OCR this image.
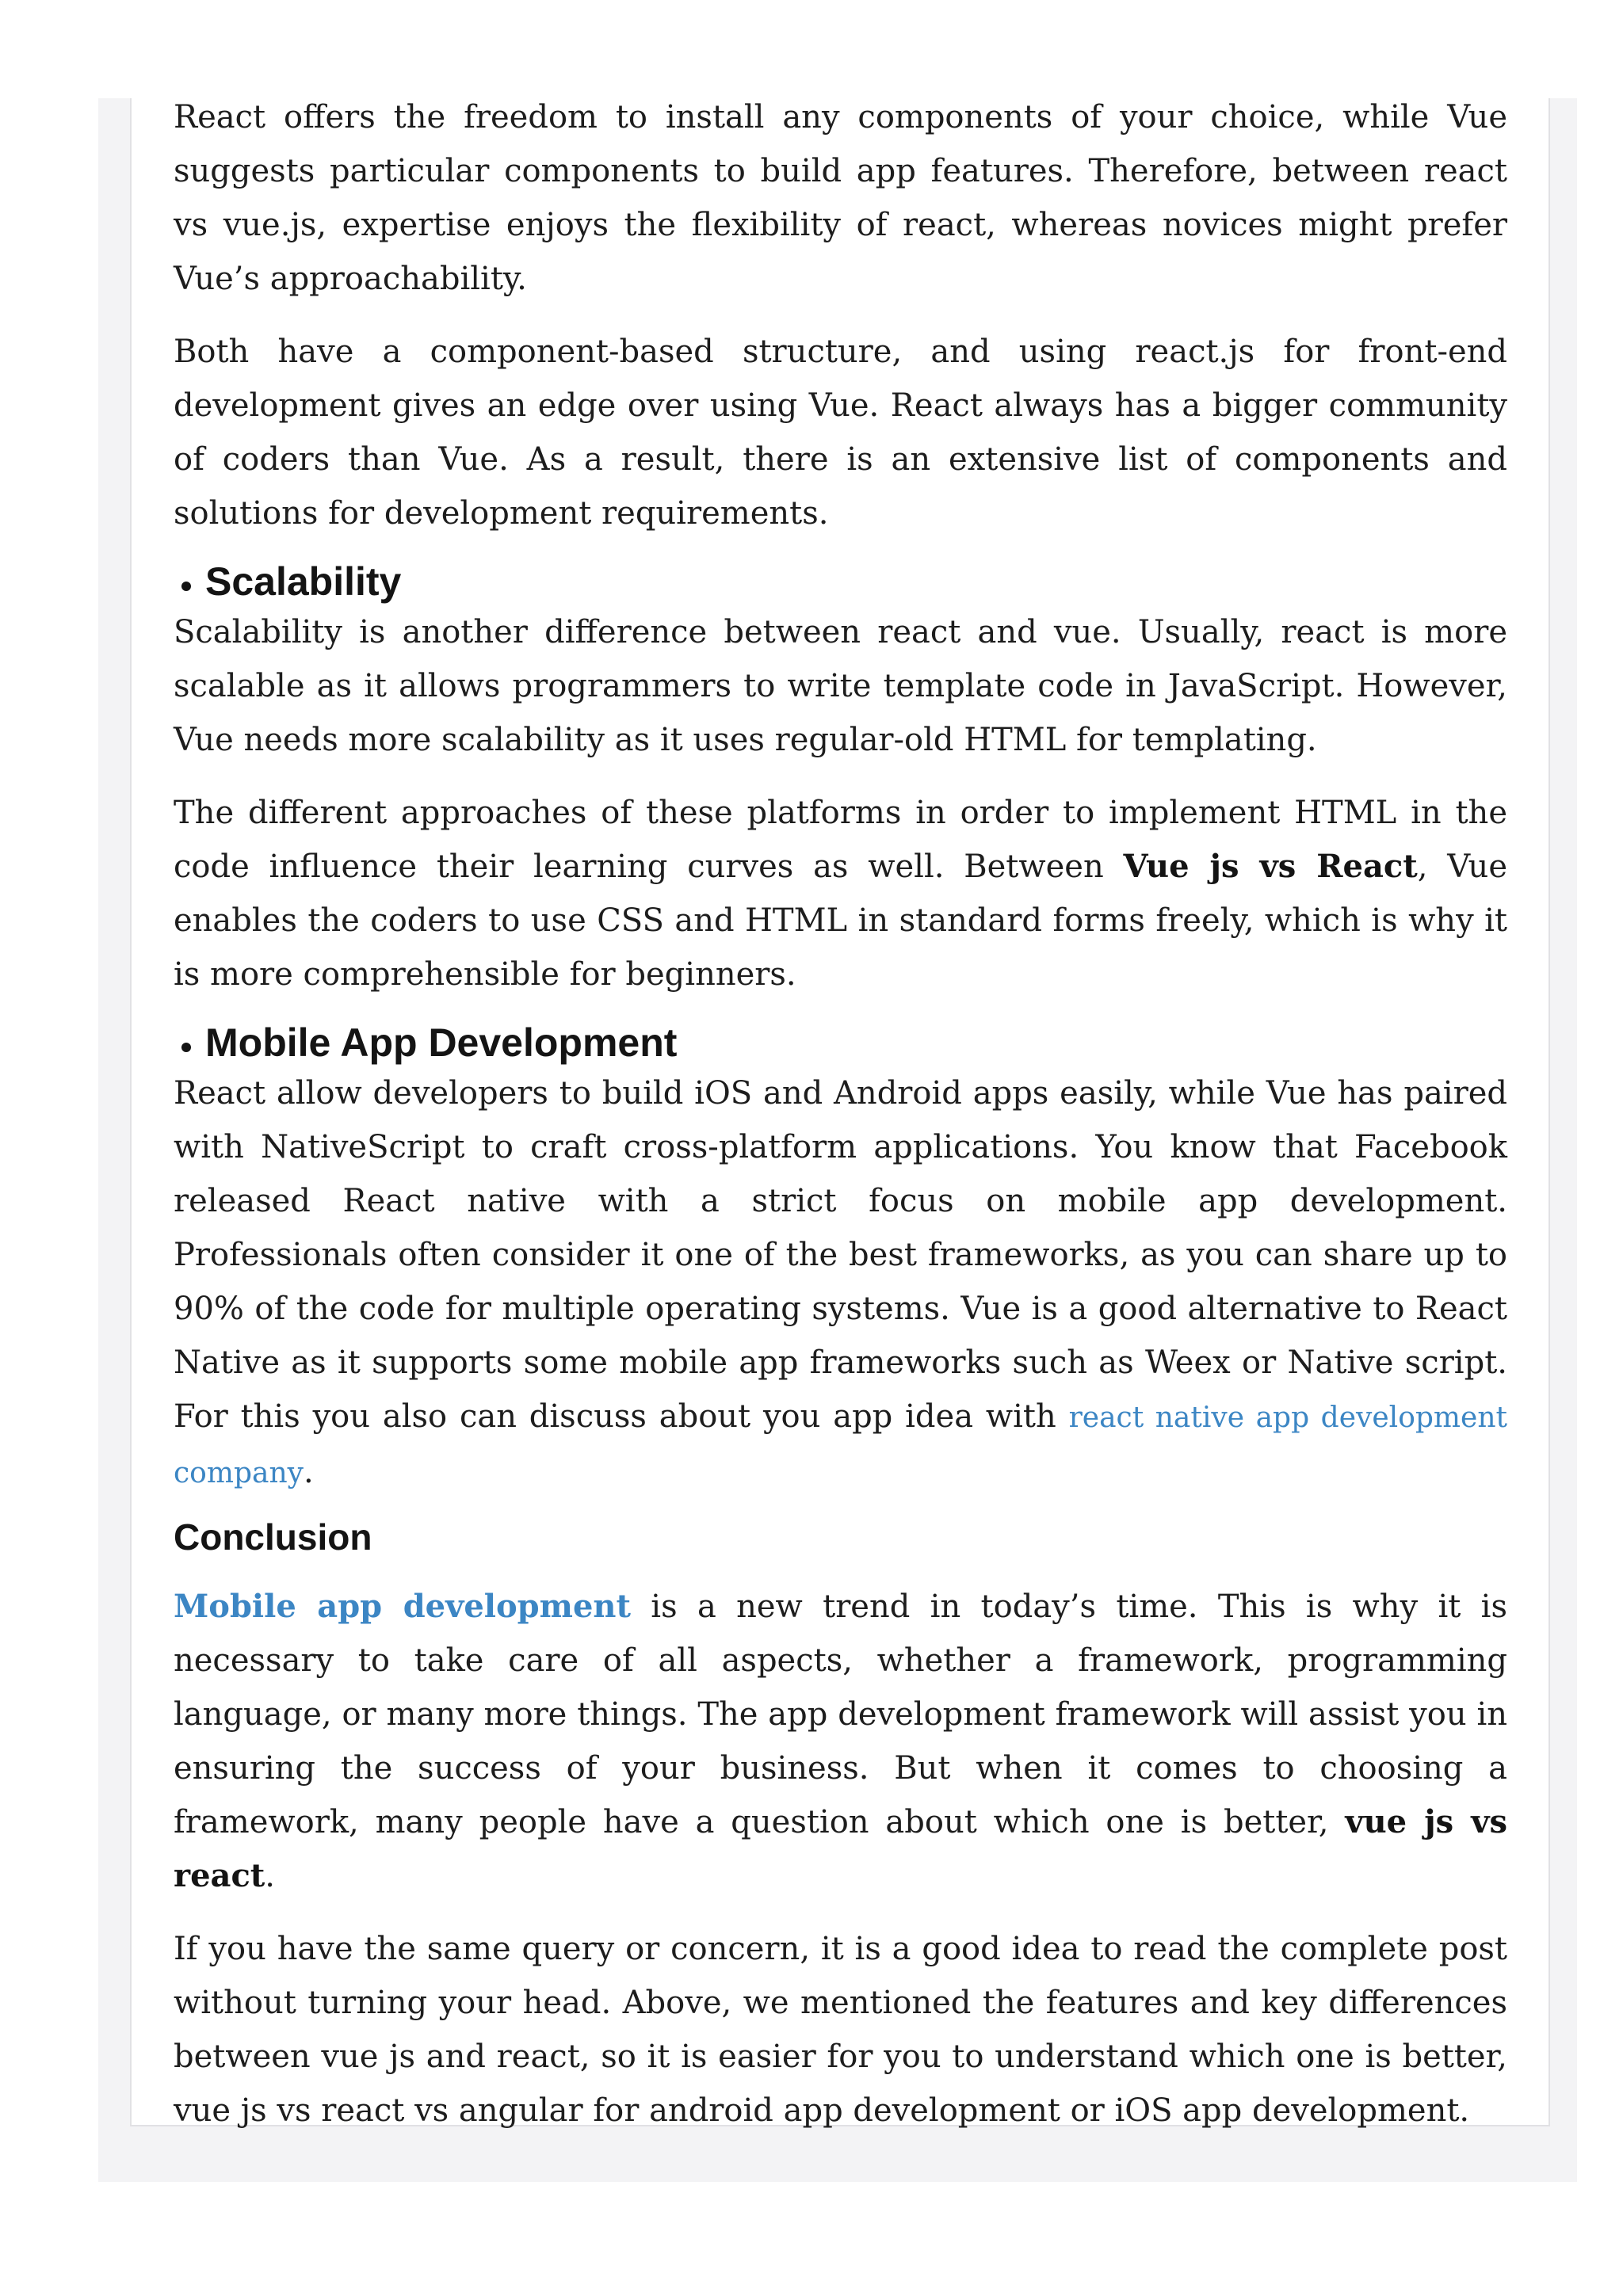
React offers the freedom to install any components of your choice, while Vue suggests particular components to build app features. Therefore, between react vs vue.js, expertise enjoys the flexibility of react, whereas novices might prefer Vue’s approachability.

Both have a component-based structure, and using react.js for front-end development gives an edge over using Vue. React always has a bigger community of coders than Vue. As a result, there is an extensive list of components and solutions for development requirements.

• Scalability

Scalability is another difference between react and vue. Usually, react is more scalable as it allows programmers to write template code in JavaScript. However, Vue needs more scalability as it uses regular-old HTML for templating.

The different approaches of these platforms in order to implement HTML in the code influence their learning curves as well. Between Vue js vs React, Vue enables the coders to use CSS and HTML in standard forms freely, which is why it is more comprehensible for beginners.

• Mobile App Development

React allow developers to build iOS and Android apps easily, while Vue has paired with NativeScript to craft cross-platform applications. You know that Facebook released React native with a strict focus on mobile app development. Professionals often consider it one of the best frameworks, as you can share up to 90% of the code for multiple operating systems. Vue is a good alternative to React Native as it supports some mobile app frameworks such as Weex or Native script. For this you also can discuss about you app idea with react native app development company.

Conclusion

Mobile app development is a new trend in today’s time. This is why it is necessary to take care of all aspects, whether a framework, programming language, or many more things. The app development framework will assist you in ensuring the success of your business. But when it comes to choosing a framework, many people have a question about which one is better, vue js vs react.

If you have the same query or concern, it is a good idea to read the complete post without turning your head. Above, we mentioned the features and key differences between vue js and react, so it is easier for you to understand which one is better, vue js vs react vs angular for android app development or iOS app development.
